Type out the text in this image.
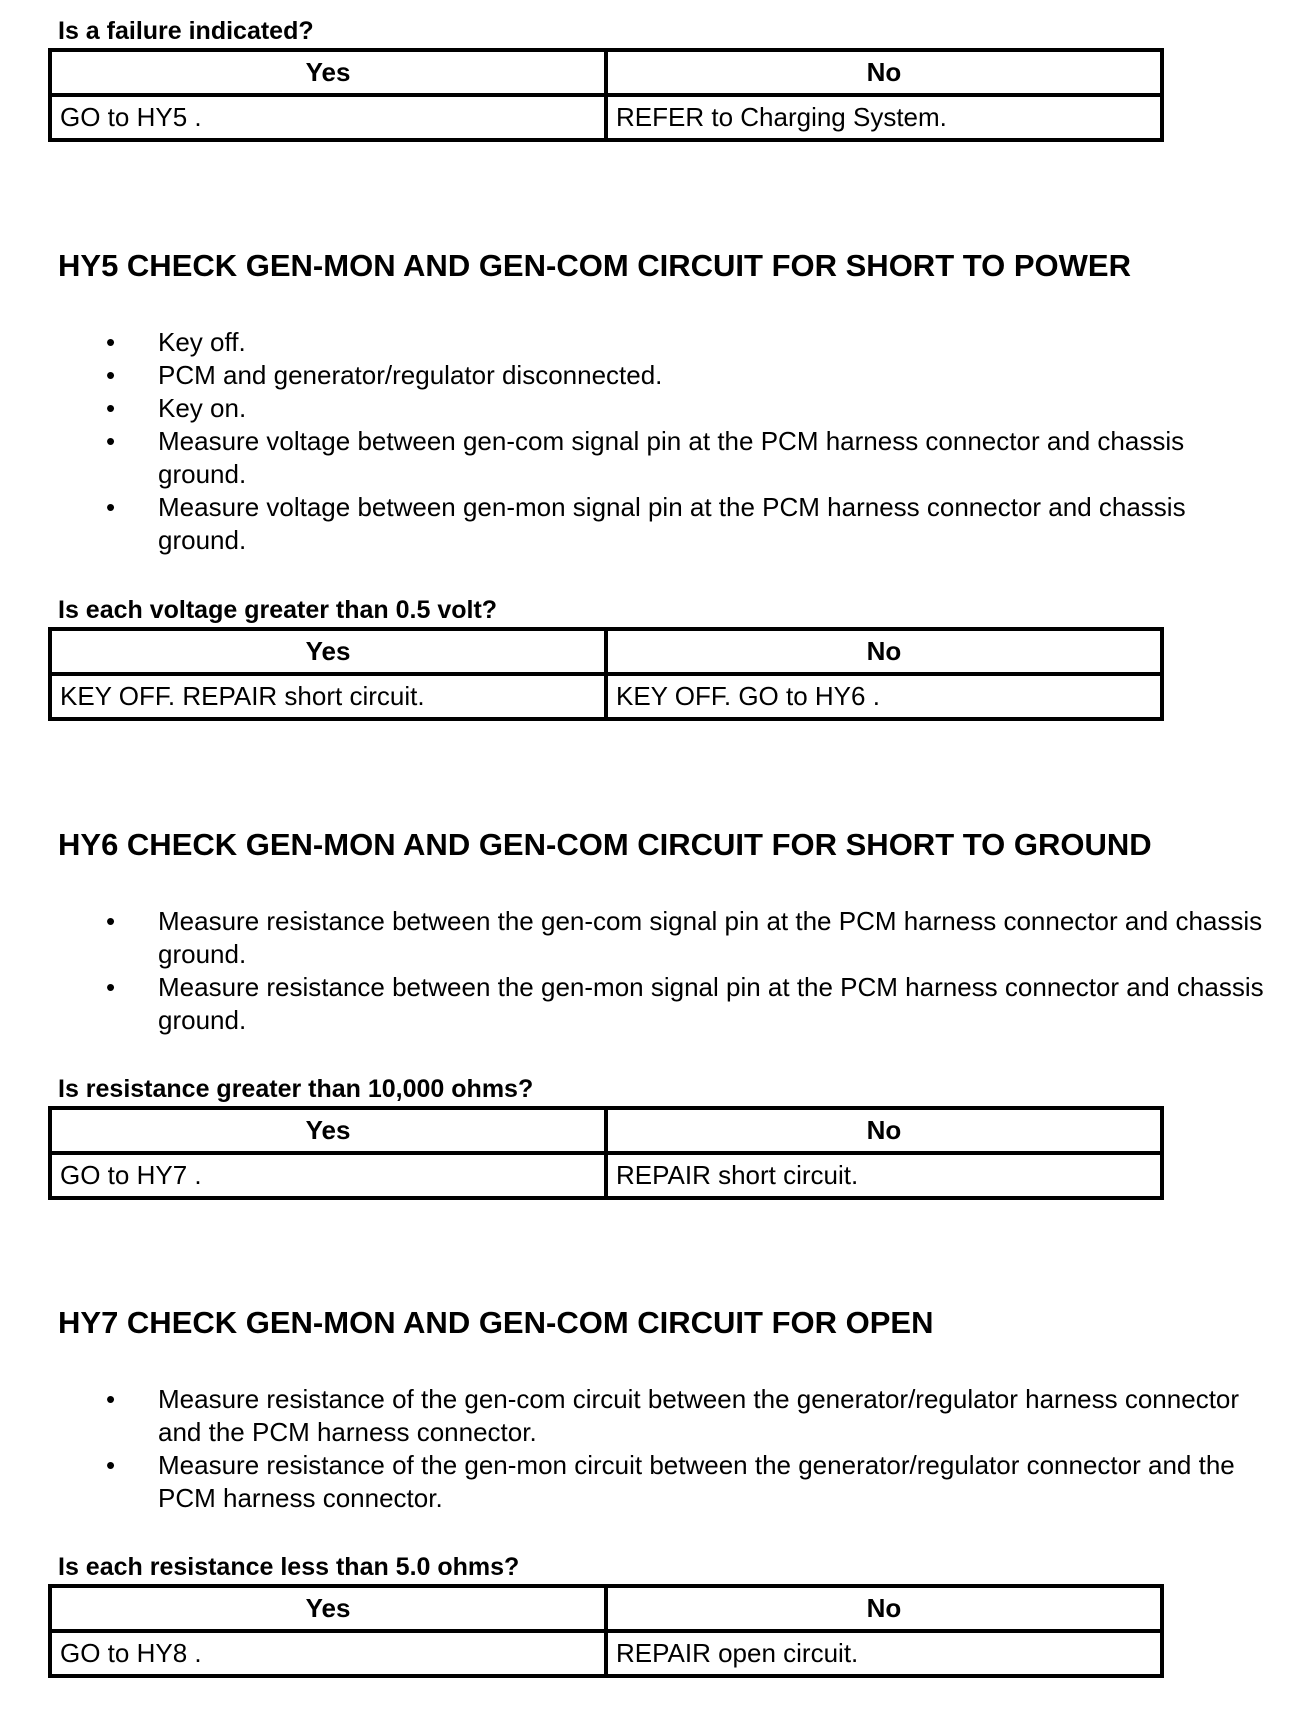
Is a failure indicated?
Yes	No
GO to HY5 .	REFER to Charging System.
HY5 CHECK GEN-MON AND GEN-COM CIRCUIT FOR SHORT TO POWER
• Key off.
• PCM and generator/regulator disconnected.
• Key on.
• Measure voltage between gen-com signal pin at the PCM harness connector and chassis ground.
• Measure voltage between gen-mon signal pin at the PCM harness connector and chassis ground.
Is each voltage greater than 0.5 volt?
Yes	No
KEY OFF. REPAIR short circuit.	KEY OFF. GO to HY6 .
HY6 CHECK GEN-MON AND GEN-COM CIRCUIT FOR SHORT TO GROUND
• Measure resistance between the gen-com signal pin at the PCM harness connector and chassis ground.
• Measure resistance between the gen-mon signal pin at the PCM harness connector and chassis ground.
Is resistance greater than 10,000 ohms?
Yes	No
GO to HY7 .	REPAIR short circuit.
HY7 CHECK GEN-MON AND GEN-COM CIRCUIT FOR OPEN
• Measure resistance of the gen-com circuit between the generator/regulator harness connector and the PCM harness connector.
• Measure resistance of the gen-mon circuit between the generator/regulator connector and the PCM harness connector.
Is each resistance less than 5.0 ohms?
Yes	No
GO to HY8 .	REPAIR open circuit.
